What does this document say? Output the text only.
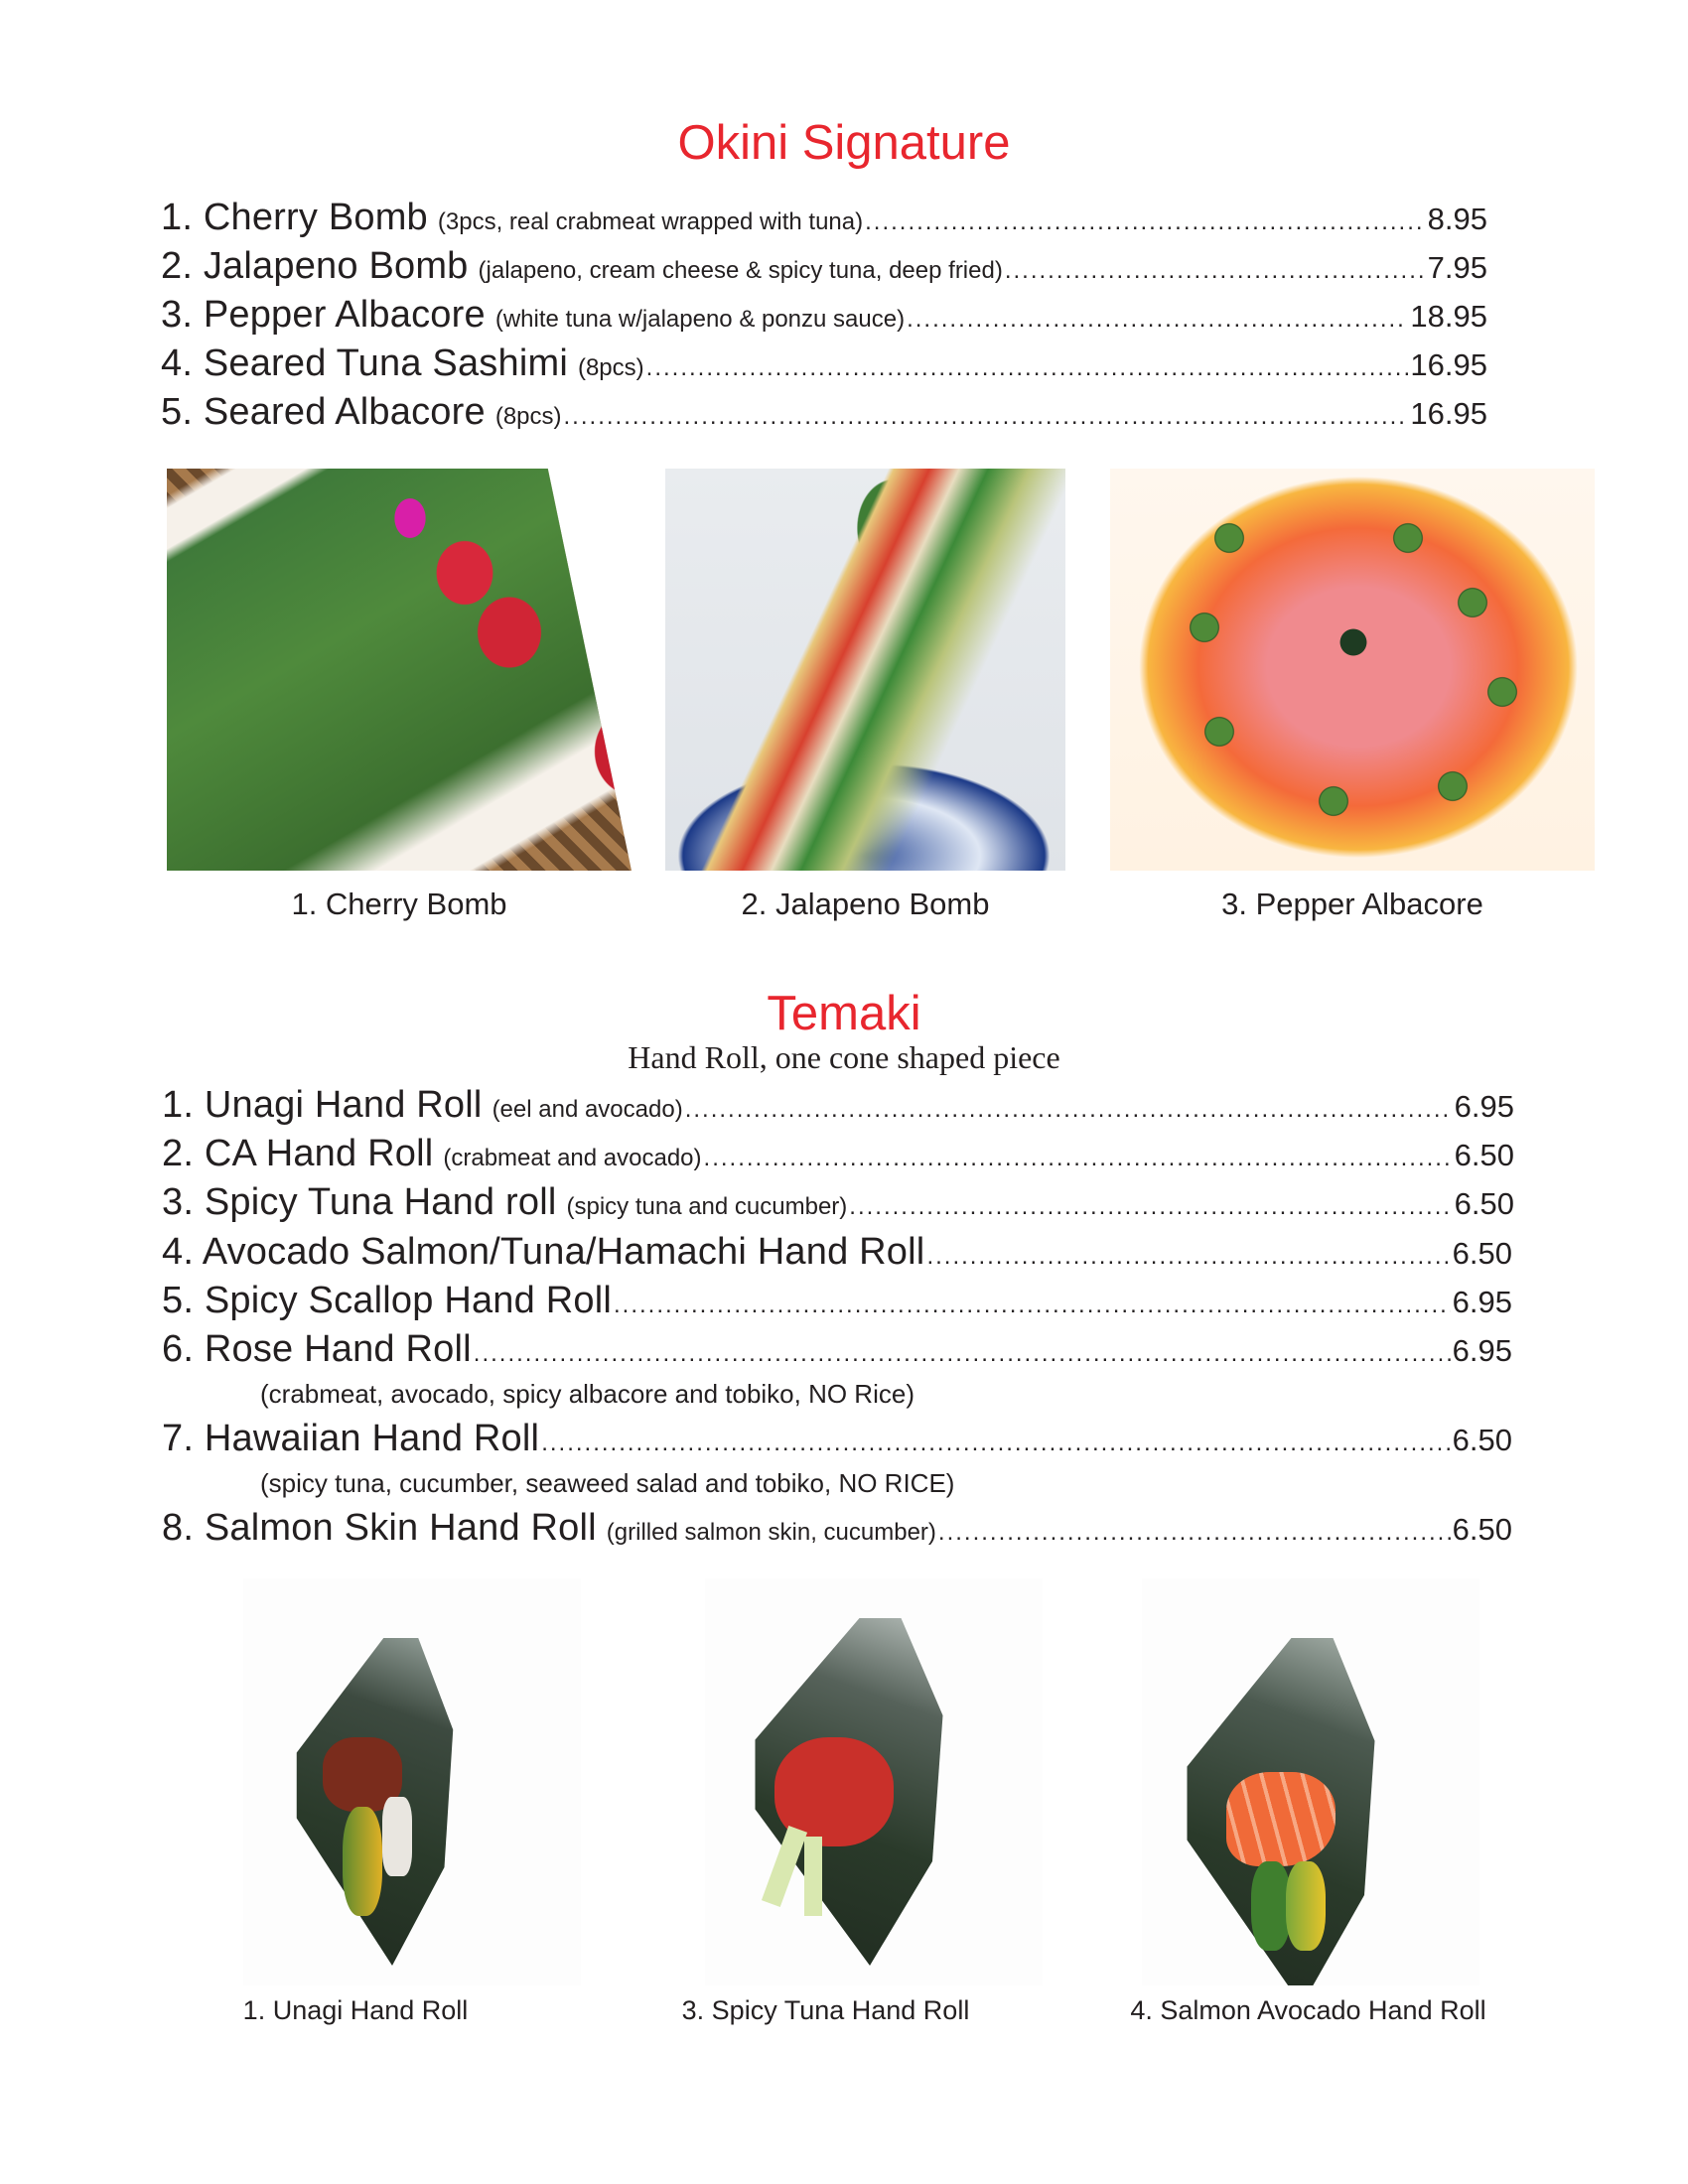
Okini Signature
1. Cherry Bomb (3pcs, real crabmeat wrapped with tuna) .....	8.95
2. Jalapeno Bomb (jalapeno, cream cheese & spicy tuna, deep fried) .....	7.95
3. Pepper Albacore (white tuna w/jalapeno & ponzu sauce) .....	18.95
4. Seared Tuna Sashimi (8pcs) .....	16.95
5. Seared Albacore (8pcs) .....	16.95
1. Cherry Bomb	2. Jalapeno Bomb	3. Pepper Albacore
Temaki
Hand Roll, one cone shaped piece
1. Unagi Hand Roll (eel and avocado) .....	6.95
2. CA Hand Roll (crabmeat and avocado) .....	6.50
3. Spicy Tuna Hand roll (spicy tuna and cucumber) .....	6.50
4. Avocado Salmon/Tuna/Hamachi Hand Roll .....	6.50
5. Spicy Scallop Hand Roll .....	6.95
6. Rose Hand Roll .....	6.95
(crabmeat, avocado, spicy albacore and tobiko, NO Rice)
7. Hawaiian Hand Roll .....	6.50
(spicy tuna, cucumber, seaweed salad and tobiko, NO RICE)
8. Salmon Skin Hand Roll (grilled salmon skin, cucumber) .....	6.50
1. Unagi Hand Roll	3. Spicy Tuna Hand Roll	4. Salmon Avocado Hand Roll
